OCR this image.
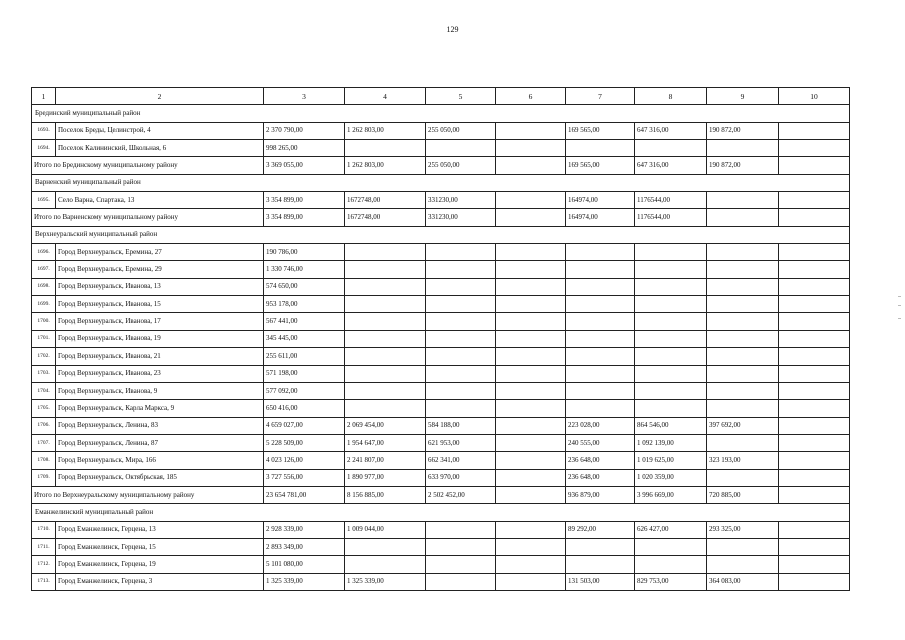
129
1	2	3	4	5	6	7	8	9	10
Брединский муниципальный район									
1693.	Поселок Бреды, Целинстрой, 4	2 370 790,00	1 262 803,00	255 050,00		169 565,00	647 316,00	190 872,00	
1694.	Поселок Калининский, Школьная, 6	998 265,00							
Итого по Брединскому муниципальному району		3 369 055,00	1 262 803,00	255 050,00		169 565,00	647 316,00	190 872,00	
Варненский муниципальный район									
1695.	Село Варна, Спартака, 13	3 354 899,00	1672748,00	331230,00		164974,00	1176544,00		
Итого по Варненскому муниципальному району		3 354 899,00	1672748,00	331230,00		164974,00	1176544,00		
Верхнеуральский муниципальный район									
1696.	Город Верхнеуральск, Еремина, 27	190 786,00							
1697.	Город Верхнеуральск, Еремина, 29	1 330 746,00							
1698.	Город Верхнеуральск, Иванова, 13	574 650,00							
1699.	Город Верхнеуральск, Иванова, 15	953 178,00							
1700.	Город Верхнеуральск, Иванова, 17	567 441,00							
1701.	Город Верхнеуральск, Иванова, 19	345 445,00							
1702.	Город Верхнеуральск, Иванова, 21	255 611,00							
1703.	Город Верхнеуральск, Иванова, 23	571 198,00							
1704.	Город Верхнеуральск, Иванова, 9	577 092,00							
1705.	Город Верхнеуральск, Карла Маркса, 9	650 416,00							
1706.	Город Верхнеуральск, Ленина, 83	4 659 027,00	2 069 454,00	584 188,00		223 028,00	864 546,00	397 692,00	
1707.	Город Верхнеуральск, Ленина, 87	5 228 509,00	1 954 647,00	621 953,00		240 555,00	1 092 139,00		
1708.	Город Верхнеуральск, Мира, 166	4 023 126,00	2 241 807,00	662 341,00		236 648,00	1 019 625,00	323 193,00	
1709.	Город Верхнеуральск, Октябрьская, 185	3 727 556,00	1 890 977,00	633 970,00		236 648,00	1 020 359,00		
Итого по Верхнеуральскому муниципальному району		23 654 781,00	8 156 885,00	2 502 452,00		936 879,00	3 996 669,00	720 885,00	
Еманжелинский муниципальный район									
1710.	Город Еманжелинск, Герцена, 13	2 928 339,00	1 009 044,00			89 292,00	626 427,00	293 325,00	
1711.	Город Еманжелинск, Герцена, 15	2 893 349,00							
1712.	Город Еманжелинск, Герцена, 19	5 101 080,00							
1713.	Город Еманжелинск, Герцена, 3	1 325 339,00	1 325 339,00			131 503,00	829 753,00	364 083,00	
